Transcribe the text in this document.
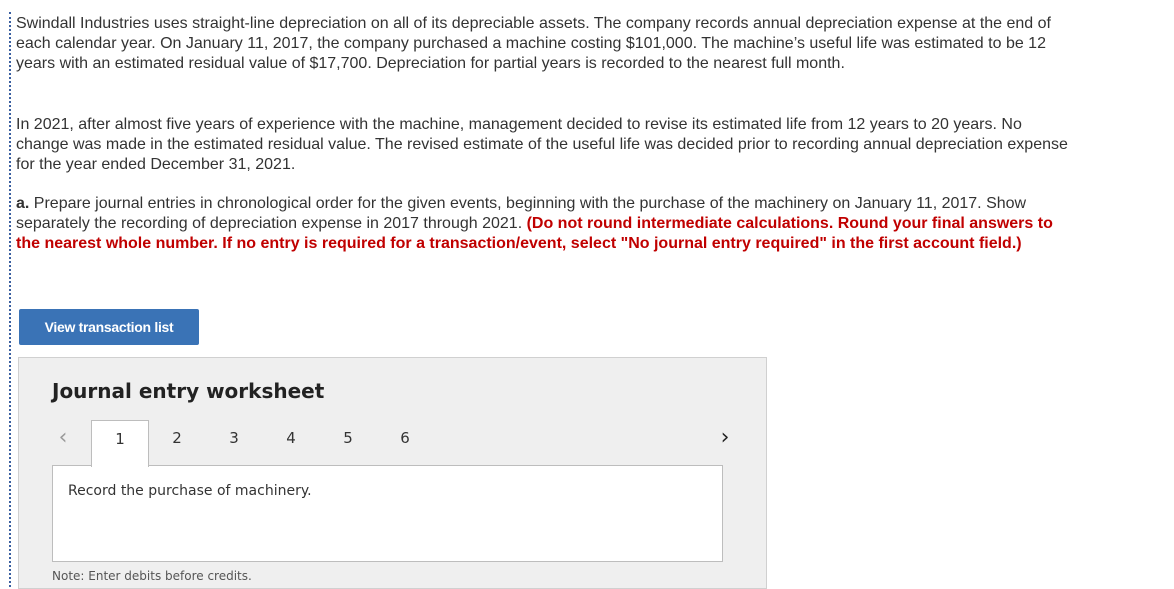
Swindall Industries uses straight-line depreciation on all of its depreciable assets. The company records annual depreciation expense at the end of each calendar year. On January 11, 2017, the company purchased a machine costing $101,000. The machine’s useful life was estimated to be 12 years with an estimated residual value of $17,700. Depreciation for partial years is recorded to the nearest full month.

In 2021, after almost five years of experience with the machine, management decided to revise its estimated life from 12 years to 20 years. No change was made in the estimated residual value. The revised estimate of the useful life was decided prior to recording annual depreciation expense for the year ended December 31, 2021.

a. Prepare journal entries in chronological order for the given events, beginning with the purchase of the machinery on January 11, 2017. Show separately the recording of depreciation expense in 2017 through 2021. (Do not round intermediate calculations. Round your final answers to the nearest whole number. If no entry is required for a transaction/event, select "No journal entry required" in the first account field.)

View transaction list
Journal entry worksheet
‹	1	2	3	4	5	6	›

Record the purchase of machinery.

Note: Enter debits before credits.
